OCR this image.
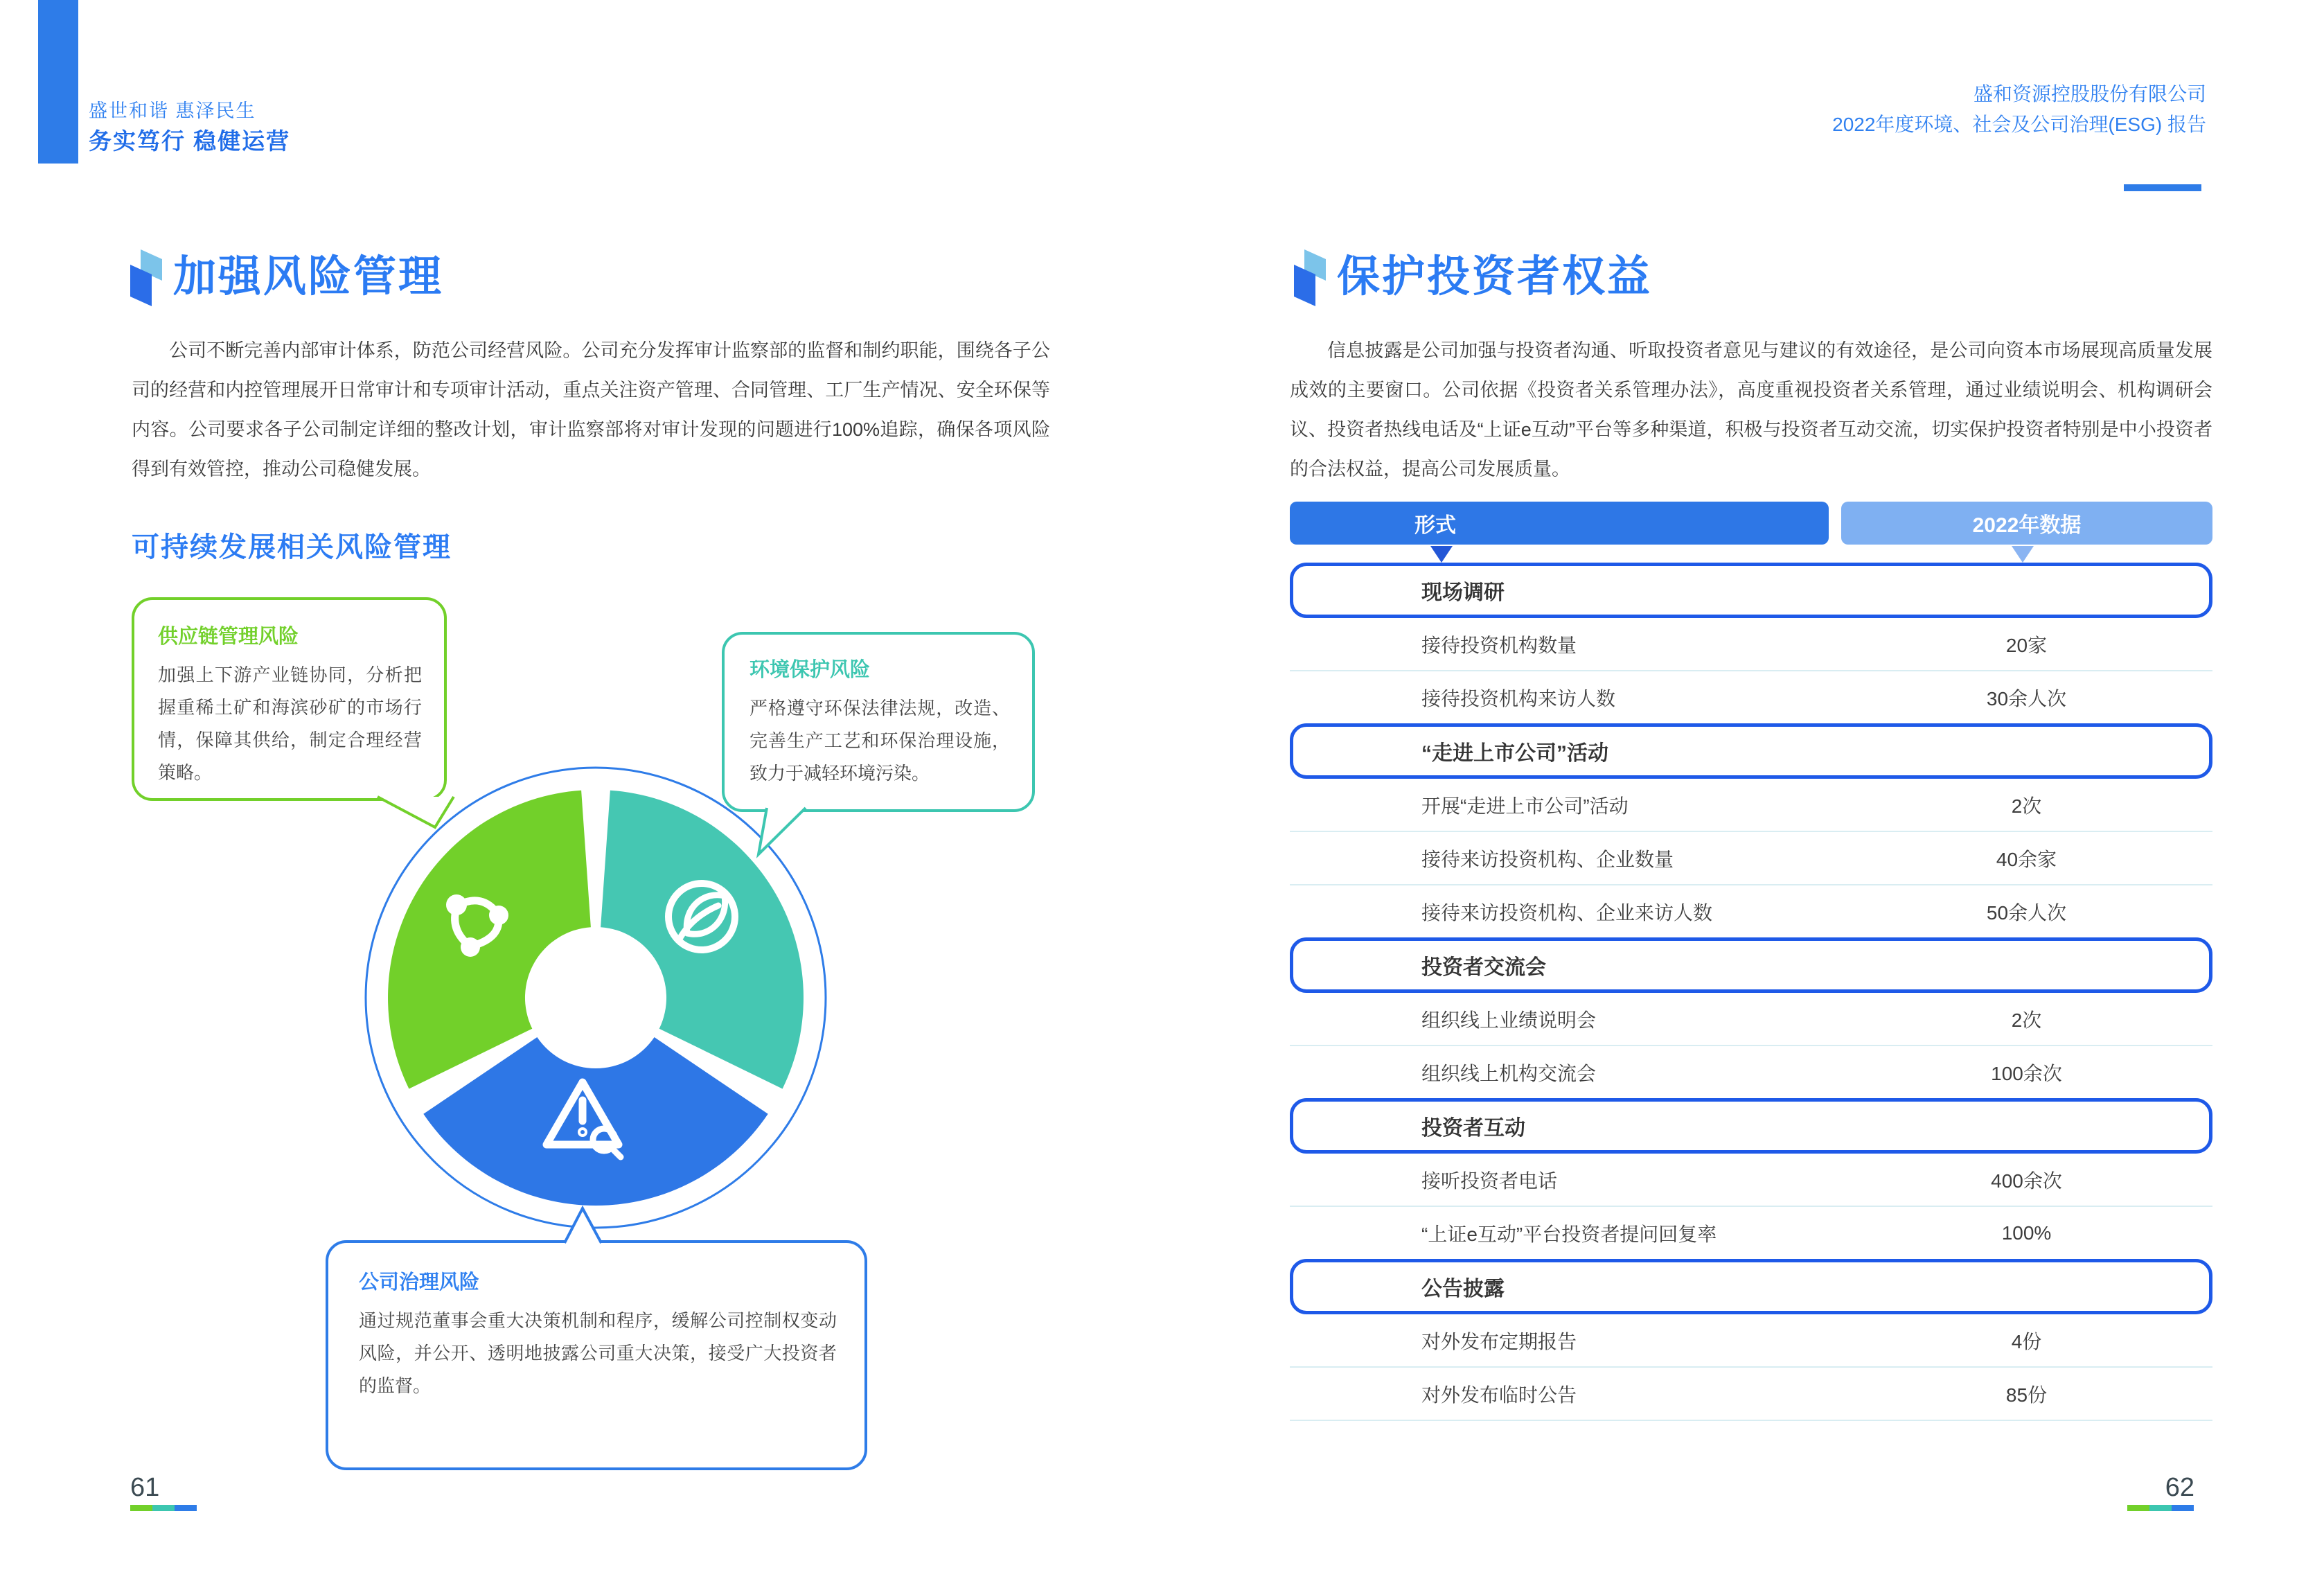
盛世和谐 惠泽民生
务实笃行 稳健运营
盛和资源控股股份有限公司
2022年度环境、社会及公司治理(ESG) 报告
加强风险管理
公司不断完善内部审计体系，防范公司经营风险。公司充分发挥审计监察部的监督和制约职能，围绕各子公司的经营和内控管理展开日常审计和专项审计活动，重点关注资产管理、合同管理、工厂生产情况、安全环保等内容。公司要求各子公司制定详细的整改计划，审计监察部将对审计发现的问题进行100%追踪，确保各项风险得到有效管控，推动公司稳健发展。
可持续发展相关风险管理
供应链管理风险
加强上下游产业链协同，分析把握重稀土矿和海滨砂矿的市场行情，保障其供给，制定合理经营策略。
环境保护风险
严格遵守环保法律法规，改造、完善生产工艺和环保治理设施，致力于减轻环境污染。
公司治理风险
通过规范董事会重大决策机制和程序，缓解公司控制权变动风险，并公开、透明地披露公司重大决策，接受广大投资者的监督。
保护投资者权益
信息披露是公司加强与投资者沟通、听取投资者意见与建议的有效途径，是公司向资本市场展现高质量发展成效的主要窗口。公司依据《投资者关系管理办法》，高度重视投资者关系管理，通过业绩说明会、机构调研会议、投资者热线电话及“上证e互动”平台等多种渠道，积极与投资者互动交流，切实保护投资者特别是中小投资者的合法权益，提高公司发展质量。
形式	2022年数据
现场调研
接待投资机构数量	20家
接待投资机构来访人数	30余人次
“走进上市公司”活动
开展“走进上市公司”活动	2次
接待来访投资机构、企业数量	40余家
接待来访投资机构、企业来访人数	50余人次
投资者交流会
组织线上业绩说明会	2次
组织线上机构交流会	100余次
投资者互动
接听投资者电话	400余次
“上证e互动”平台投资者提问回复率	100%
公告披露
对外发布定期报告	4份
对外发布临时公告	85份
61	62
